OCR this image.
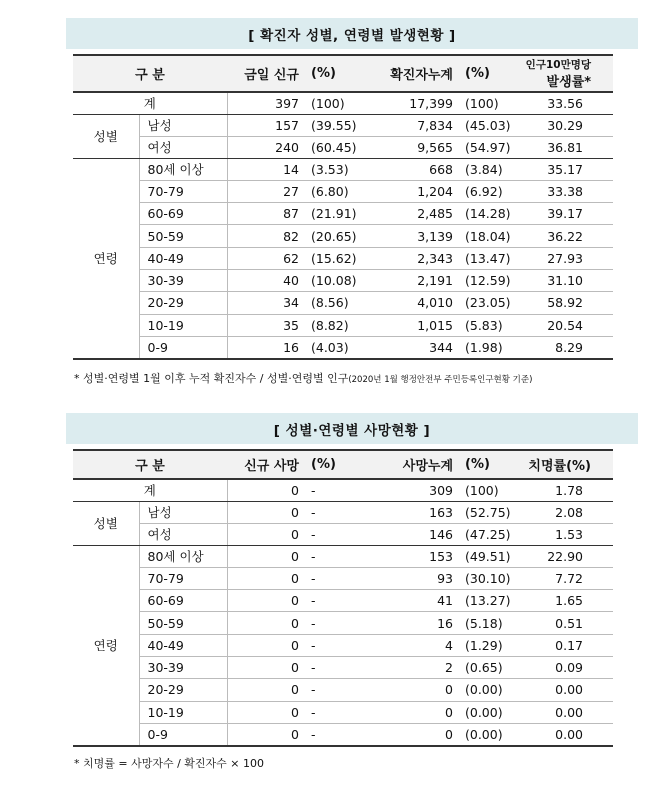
[ 확진자 성별, 연령별 발생현황 ]
구 분		금일 신규	(%)	확진자누계	(%)	인구10만명당
발생률*

계		397	(100)	17,399	(100)	33.56
성별	남성	157	(39.55)	7,834	(45.03)	30.29
	여성	240	(60.45)	9,565	(54.97)	36.81
연령	80세 이상	14	(3.53)	668	(3.84)	35.17
	70-79	27	(6.80)	1,204	(6.92)	33.38
	60-69	87	(21.91)	2,485	(14.28)	39.17
	50-59	82	(20.65)	3,139	(18.04)	36.22
	40-49	62	(15.62)	2,343	(13.47)	27.93
	30-39	40	(10.08)	2,191	(12.59)	31.10
	20-29	34	(8.56)	4,010	(23.05)	58.92
	10-19	35	(8.82)	1,015	(5.83)	20.54
	0-9	16	(4.03)	344	(1.98)	8.29
* 성별·연령별 1월 이후 누적 확진자수 / 성별·연령별 인구(2020년 1월 행정안전부 주민등록인구현황 기준)
[ 성별·연령별 사망현황 ]
구 분		신규 사망	(%)	사망누계	(%)	치명률(%)
계		0	-	309	(100)	1.78
성별	남성	0	-	163	(52.75)	2.08
	여성	0	-	146	(47.25)	1.53
연령	80세 이상	0	-	153	(49.51)	22.90
	70-79	0	-	93	(30.10)	7.72
	60-69	0	-	41	(13.27)	1.65
	50-59	0	-	16	(5.18)	0.51
	40-49	0	-	4	(1.29)	0.17
	30-39	0	-	2	(0.65)	0.09
	20-29	0	-	0	(0.00)	0.00
	10-19	0	-	0	(0.00)	0.00
	0-9	0	-	0	(0.00)	0.00
* 치명률 = 사망자수 / 확진자수 × 100
